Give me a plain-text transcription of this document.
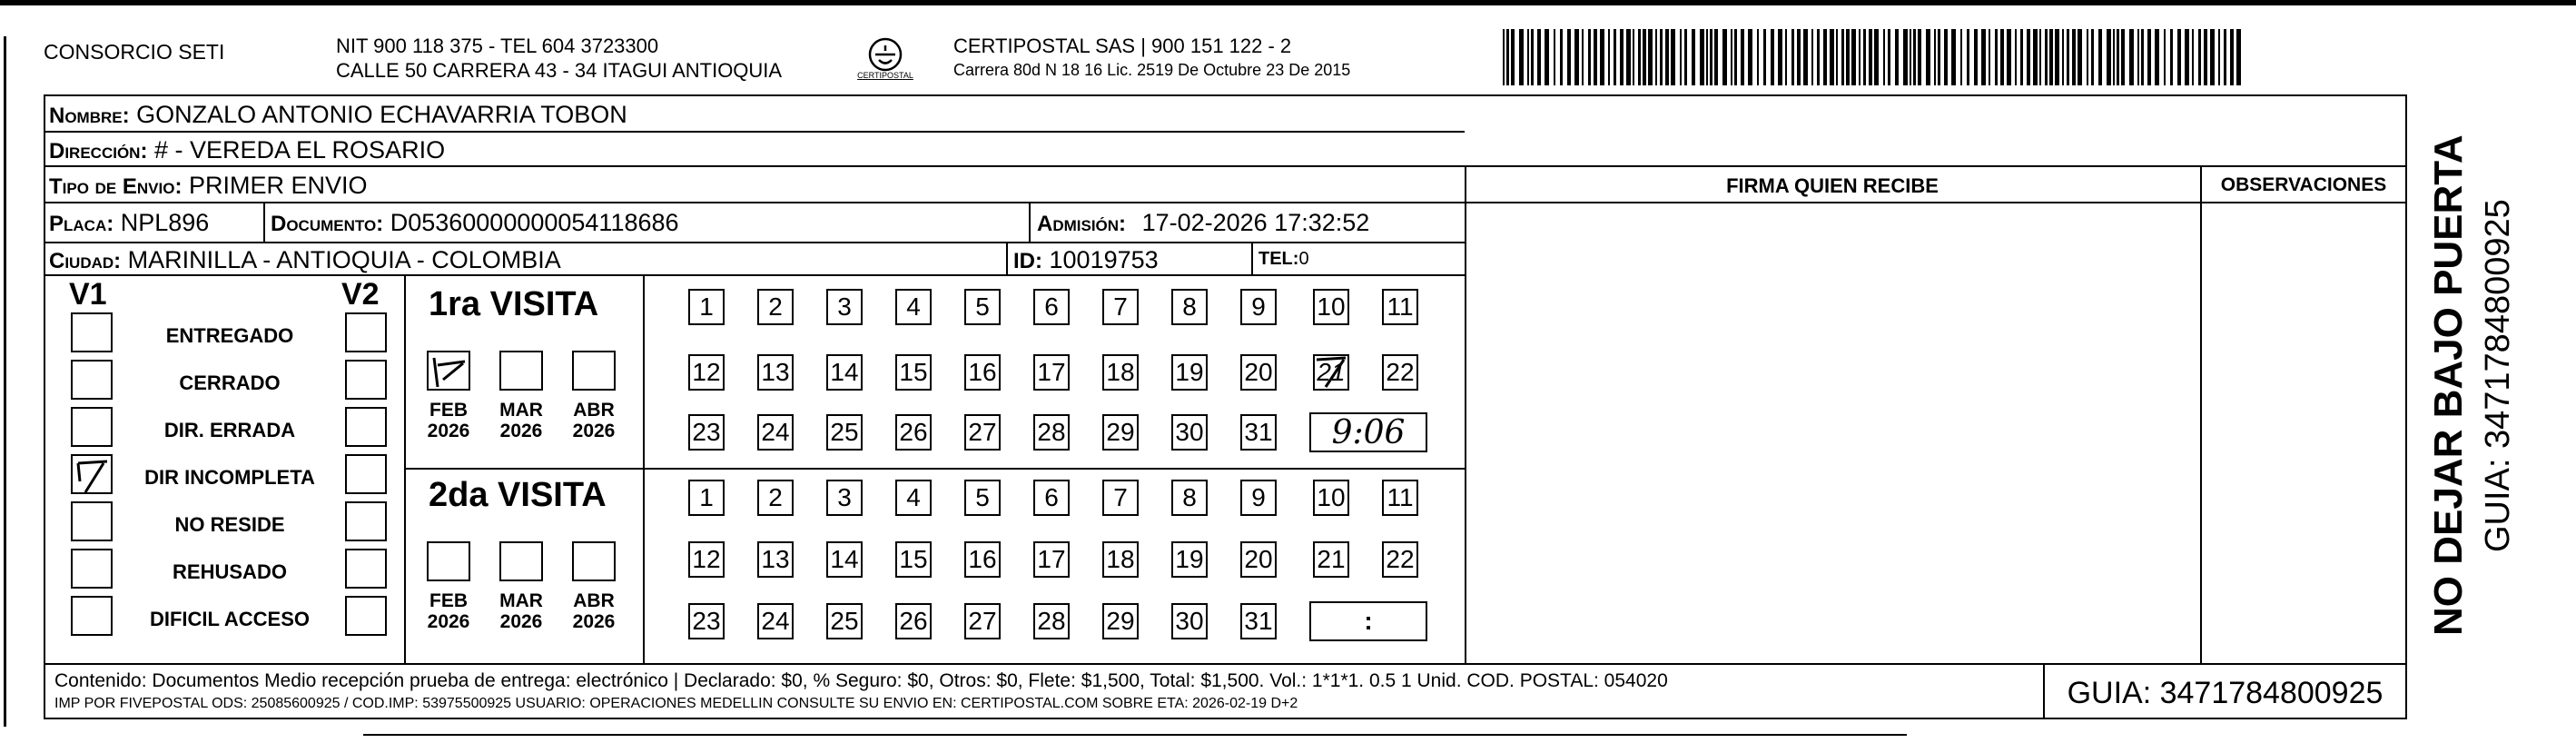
CONSORCIO SETI	NIT 900 118 375 - TEL 604 3723300
CALLE 50 CARRERA 43 - 34 ITAGUI ANTIOQUIA	CERTIPOSTAL
CERTIPOSTAL SAS | 900 151 122 - 2
Carrera 80d N 18 16 Lic. 2519 De Octubre 23 De 2015
Nombre: GONZALO ANTONIO ECHAVARRIA TOBON
Dirección: # - VEREDA EL ROSARIO
Tipo de Envio: PRIMER ENVIO
Placa: NPL896	Documento: D05360000000054118686	Admisión: 17-02-2026 17:32:52
Ciudad: MARINILLA - ANTIOQUIA - COLOMBIA	ID: 10019753	TEL:0
FIRMA QUIEN RECIBE	OBSERVACIONES
V1	V2
ENTREGADO
CERRADO
DIR. ERRADA
DIR INCOMPLETA
NO RESIDE
REHUSADO
DIFICIL ACCESO
1ra VISITA
FEB
2026
MAR
2026
ABR
2026
2da VISITA
FEB
2026
MAR
2026
ABR
2026
1	2	3	4	5	6	7	8	9	10 11
12 13 14 15 16 17 18 19 20 21 22
23 24 25 26 27 28 29 30 31
1	2	3	4	5	6	7	8	9	10 11
12 13 14 15 16 17 18 19 20 21 22
23 24 25 26 27 28 29 30 31
9:06
:
Contenido: Documentos Medio recepción prueba de entrega: electrónico | Declarado: $0, % Seguro: $0, Otros: $0, Flete: $1,500, Total: $1,500. Vol.: 1*1*1. 0.5 1 Unid. COD. POSTAL: 054020
IMP POR FIVEPOSTAL ODS: 25085600925 / COD.IMP: 53975500925 USUARIO: OPERACIONES MEDELLIN CONSULTE SU ENVIO EN: CERTIPOSTAL.COM SOBRE ETA: 2026-02-19 D+2	GUIA: 3471784800925
NO DEJAR BAJO PUERTA GUIA: 3471784800925
